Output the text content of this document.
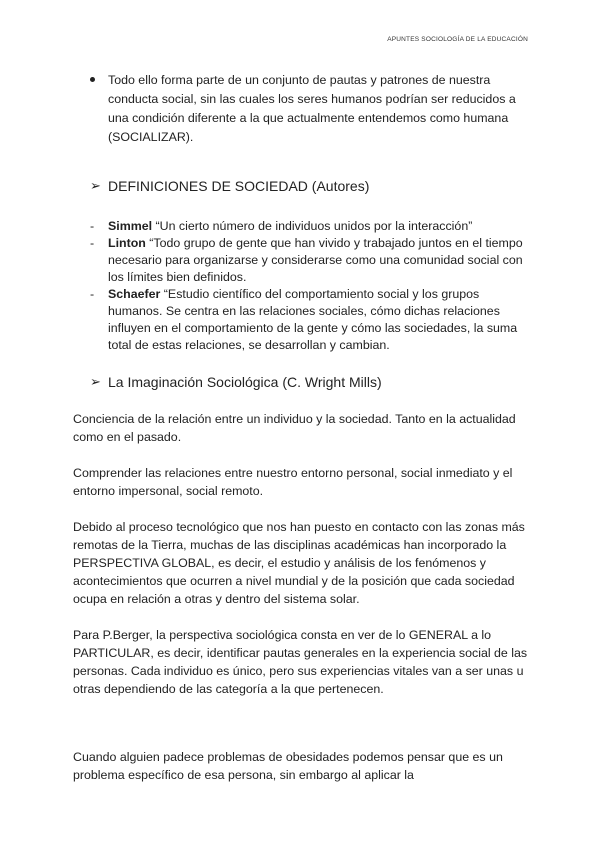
APUNTES SOCIOLOGÍA DE LA EDUCACIÓN
Todo ello forma parte de un conjunto de pautas y patrones de nuestra conducta social, sin las cuales los seres humanos podrían ser reducidos a una condición diferente a la que actualmente entendemos como humana (SOCIALIZAR).
➢ DEFINICIONES DE SOCIEDAD (Autores)
- Simmel “Un cierto número de individuos unidos por la interacción”
- Linton “Todo grupo de gente que han vivido y trabajado juntos en el tiempo necesario para organizarse y considerarse como una comunidad social con los límites bien definidos.
- Schaefer “Estudio científico del comportamiento social y los grupos humanos. Se centra en las relaciones sociales, cómo dichas relaciones influyen en el comportamiento de la gente y cómo las sociedades, la suma total de estas relaciones, se desarrollan y cambian.
➢ La Imaginación Sociológica (C. Wright Mills)

Conciencia de la relación entre un individuo y la sociedad. Tanto en la actualidad como en el pasado.

Comprender las relaciones entre nuestro entorno personal, social inmediato y el entorno impersonal, social remoto.

Debido al proceso tecnológico que nos han puesto en contacto con las zonas más remotas de la Tierra, muchas de las disciplinas académicas han incorporado la PERSPECTIVA GLOBAL, es decir, el estudio y análisis de los fenómenos y acontecimientos que ocurren a nivel mundial y de la posición que cada sociedad ocupa en relación a otras y dentro del sistema solar.

Para P.Berger, la perspectiva sociológica consta en ver de lo GENERAL a lo PARTICULAR, es decir, identificar pautas generales en la experiencia social de las personas. Cada individuo es único, pero sus experiencias vitales van a ser unas u otras dependiendo de las categoría a la que pertenecen.

Cuando alguien padece problemas de obesidades podemos pensar que es un problema específico de esa persona, sin embargo al aplicar la
